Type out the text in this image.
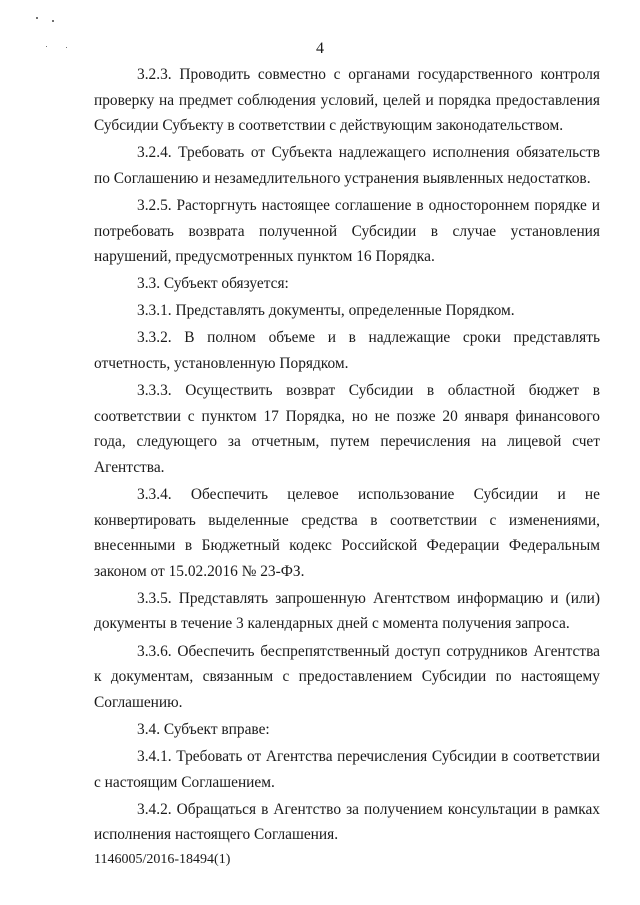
4

3.2.3. Проводить совместно с органами государственного контроля проверку на предмет соблюдения условий, целей и порядка предоставления Субсидии Субъекту в соответствии с действующим законодательством.

3.2.4. Требовать от Субъекта надлежащего исполнения обязательств по Соглашению и незамедлительного устранения выявленных недостатков.

3.2.5. Расторгнуть настоящее соглашение в одностороннем порядке и потребовать возврата полученной Субсидии в случае установления нарушений, предусмотренных пунктом 16 Порядка.

3.3. Субъект обязуется:

3.3.1. Представлять документы, определенные Порядком.

3.3.2. В полном объеме и в надлежащие сроки представлять отчетность, установленную Порядком.

3.3.3. Осуществить возврат Субсидии в областной бюджет в соответствии с пунктом 17 Порядка, но не позже 20 января финансового года, следующего за отчетным, путем перечисления на лицевой счет Агентства.

3.3.4. Обеспечить целевое использование Субсидии и не конвертировать выделенные средства в соответствии с изменениями, внесенными в Бюджетный кодекс Российской Федерации Федеральным законом от 15.02.2016 № 23-ФЗ.

3.3.5. Представлять запрошенную Агентством информацию и (или) документы в течение 3 календарных дней с момента получения запроса.

3.3.6. Обеспечить беспрепятственный доступ сотрудников Агентства к документам, связанным с предоставлением Субсидии по настоящему Соглашению.

3.4. Субъект вправе:

3.4.1. Требовать от Агентства перечисления Субсидии в соответствии с настоящим Соглашением.

3.4.2. Обращаться в Агентство за получением консультации в рамках исполнения настоящего Соглашения.

1146005/2016-18494(1)
